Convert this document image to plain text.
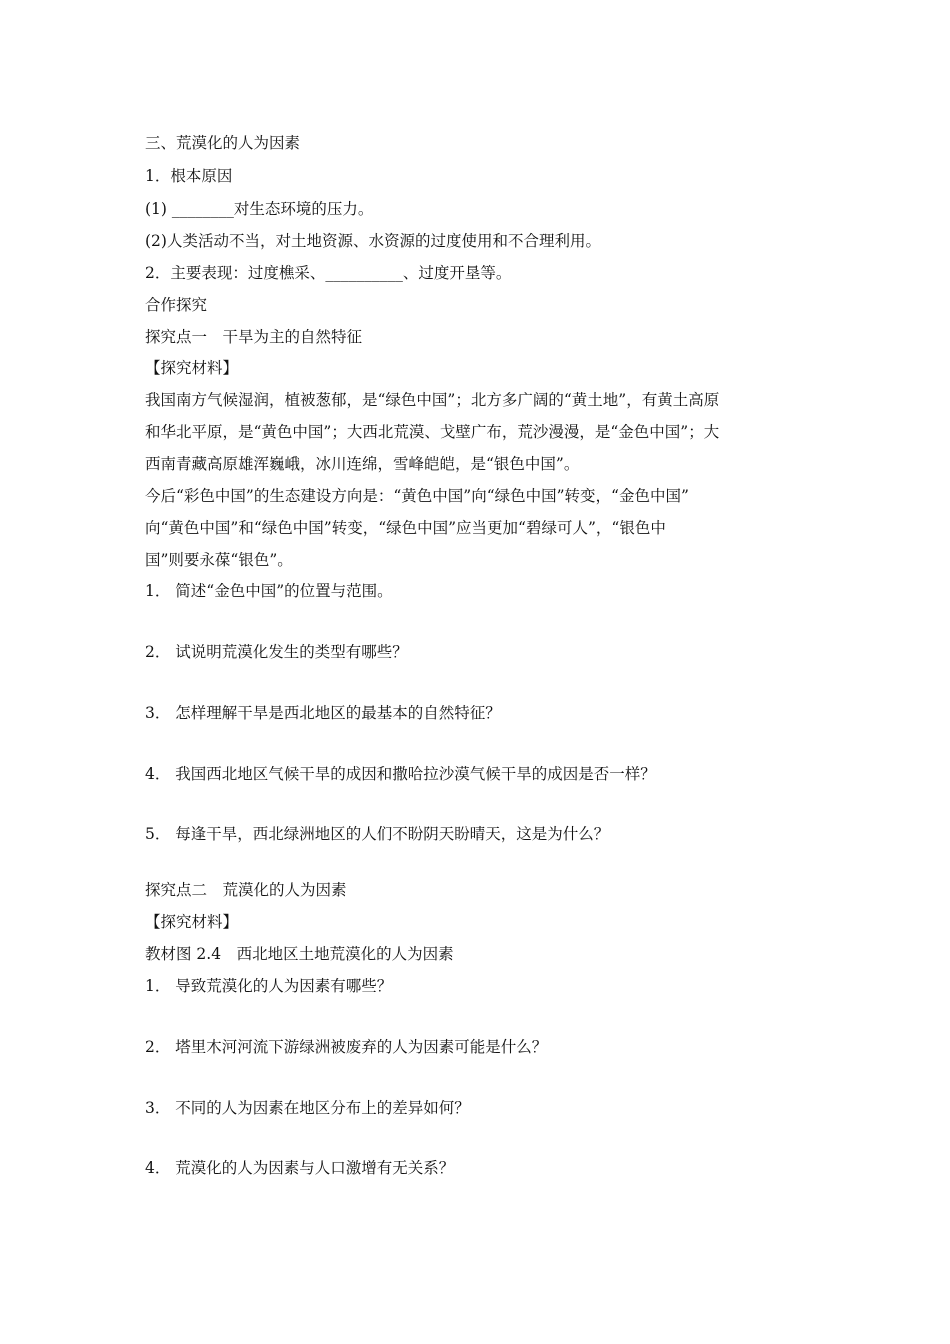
三、荒漠化的人为因素

1．根本原因

(1) ________对生态环境的压力。

(2)人类活动不当，对土地资源、水资源的过度使用和不合理利用。

2．主要表现：过度樵采、__________、过度开垦等。

合作探究

探究点一　干旱为主的自然特征

【探究材料】

我国南方气候湿润，植被葱郁，是“绿色中国”；北方多广阔的“黄土地”，有黄土高原

和华北平原，是“黄色中国”；大西北荒漠、戈壁广布，荒沙漫漫，是“金色中国”；大

西南青藏高原雄浑巍峨，冰川连绵，雪峰皑皑，是“银色中国”。

今后“彩色中国”的生态建设方向是：“黄色中国”向“绿色中国”转变，“金色中国”

向“黄色中国”和“绿色中国”转变，“绿色中国”应当更加“碧绿可人”，“银色中

国”则要永葆“银色”。

1． 简述“金色中国”的位置与范围。

2． 试说明荒漠化发生的类型有哪些？

3． 怎样理解干旱是西北地区的最基本的自然特征？

4． 我国西北地区气候干旱的成因和撒哈拉沙漠气候干旱的成因是否一样？

5． 每逢干旱，西北绿洲地区的人们不盼阴天盼晴天，这是为什么？

探究点二　荒漠化的人为因素

【探究材料】

教材图 2.4　西北地区土地荒漠化的人为因素

1． 导致荒漠化的人为因素有哪些？

2． 塔里木河河流下游绿洲被废弃的人为因素可能是什么？

3． 不同的人为因素在地区分布上的差异如何？

4． 荒漠化的人为因素与人口激增有无关系？
